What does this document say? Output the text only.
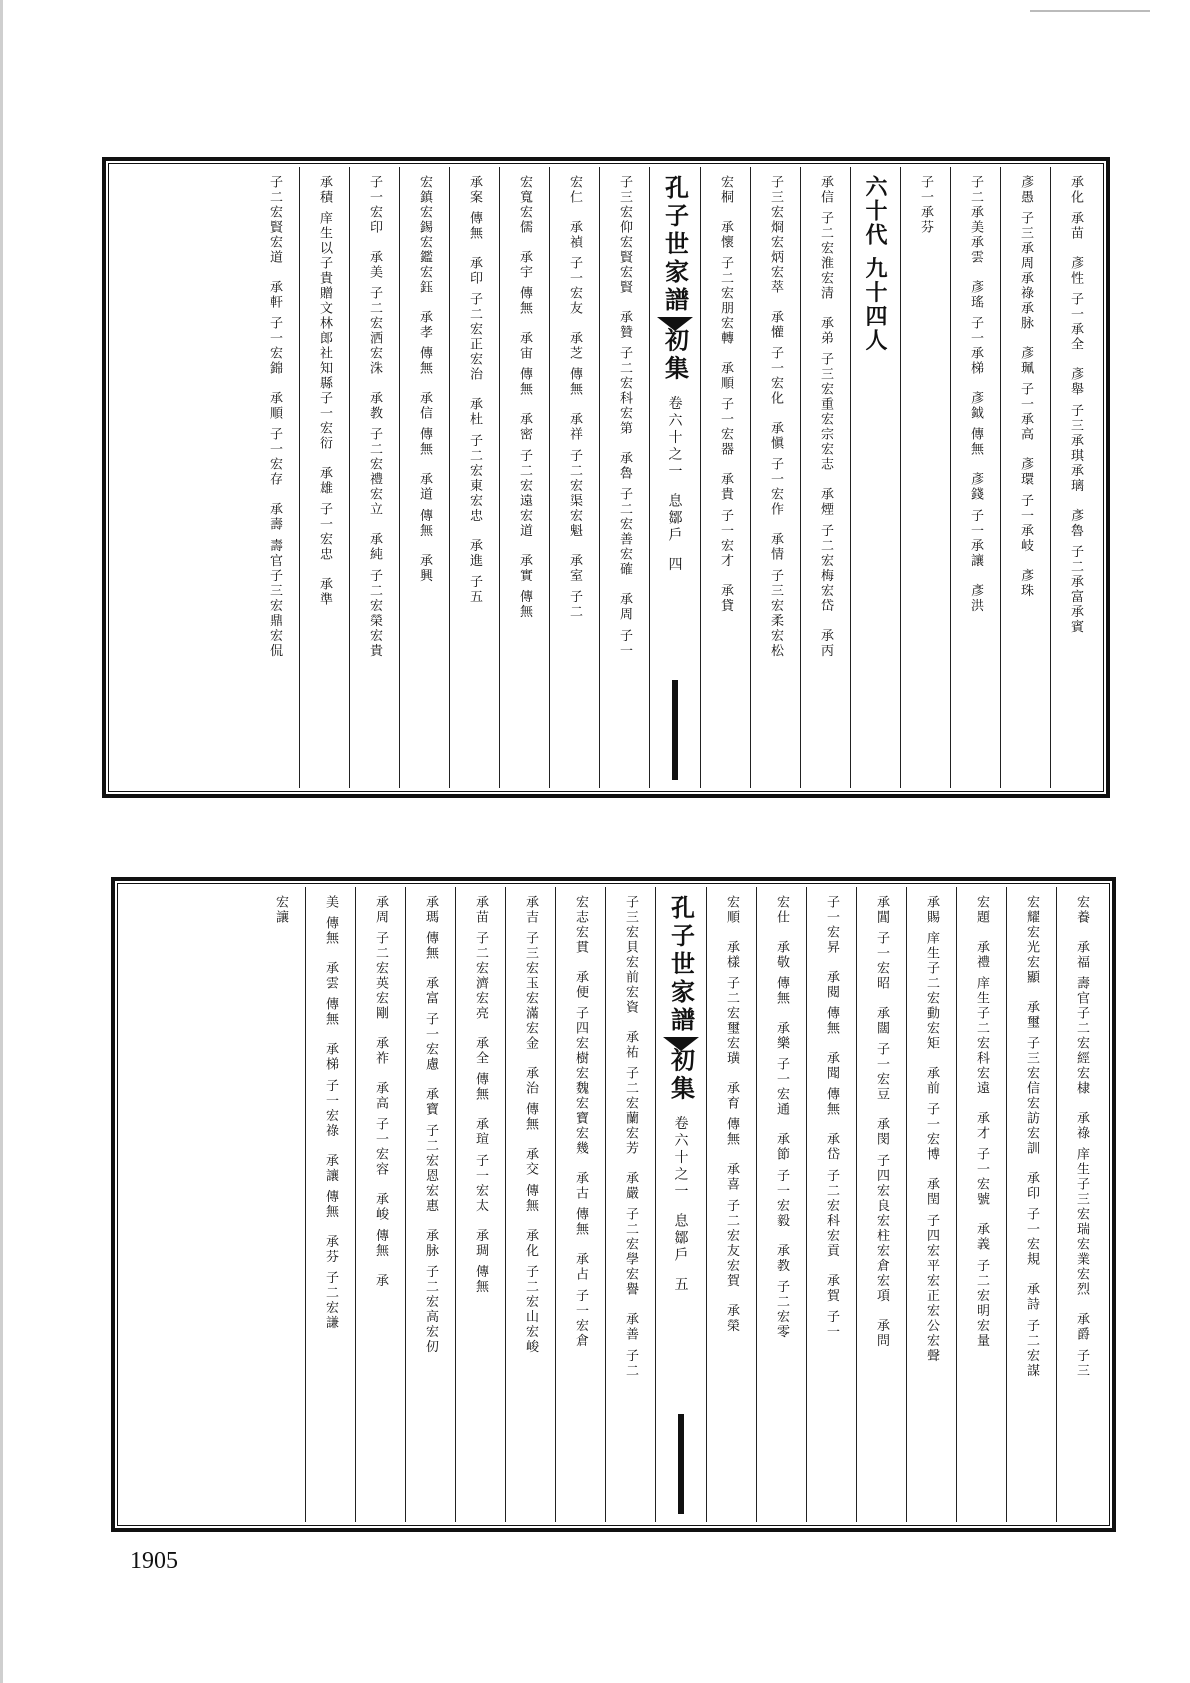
承化 承苗　彥性 子一承全　彥舉 子三承琪承璃　彥魯 子二承富承賓
彥愚 子三承周承祿承脉　彥珮 子一承高　彥環 子一承岐　彥珠
子二承美承雲　彥瑤 子一承梯　彥鉞 傳無　彥錢 子一承讓　彥洪
子一承芬
六十代 九十四人
承信 子二宏淮宏清　承弟 子三宏重宏宗宏志　承煙 子二宏梅宏岱　承丙
子三宏烱宏炳宏萃　承懽 子一宏化　承愼 子一宏作　承情 子三宏柔宏松
宏桐　承懷 子二宏朋宏轉　承順 子一宏器　承貴 子一宏才　承貸
孔子世家譜 初集 卷六十之一 息鄒戶 四
子三宏仰宏賢宏賢　承贊 子二宏科宏第　承魯 子二宏善宏確　承周 子一
宏仁　承禎 子一宏友　承芝 傳無　承祥 子二宏渠宏魁　承室 子二
宏寬宏儒　承宇 傳無　承宙 傳無　承密 子二宏遠宏道　承實 傳無
承案 傳無　承印 子二宏正宏治　承杜 子二宏東宏忠　承進 子五
宏鎮宏錫宏鑑宏鈺　承孝 傳無　承信 傳無　承道 傳無　承興
子一宏印　承美 子二宏洒宏洙　承教 子二宏禮宏立　承純 子二宏榮宏貴
承積 庠生以子貴贈文林郎社知縣子一宏衍　承雄 子一宏忠　承準
子二宏賢宏道　承軒 子一宏錦　承順 子一宏存　承壽 壽官子三宏鼎宏侃
宏養　承福 壽官子二宏經宏棣　承祿 庠生子三宏瑞宏業宏烈　承爵 子三
宏耀宏光宏顯　承璽 子三宏信宏訪宏訓　承印 子一宏規　承詩 子二宏謀
宏題　承禮 庠生子二宏科宏遠　承才 子一宏號　承義 子二宏明宏量
承賜 庠生子二宏動宏矩　承前 子一宏博　承閏 子四宏平宏正宏公宏聲
承閶 子一宏昭　承闊 子一宏豆　承閔 子四宏良宏柱宏倉宏項　承問
子一宏昇　承閱 傳無　承聞 傳無　承岱 子二宏科宏貢　承賀 子一
宏仕　承敬 傳無　承樂 子一宏通　承節 子一宏毅　承教 子二宏零
宏順　承樣 子二宏璽宏璜　承育 傳無　承喜 子二宏友宏賀　承榮
孔子世家譜 初集 卷六十之一 息鄒戶 五
子三宏貝宏前宏資　承祐 子二宏蘭宏芳　承嚴 子二宏學宏譽　承善 子二
宏志宏貫　承便 子四宏樹宏魏宏寶宏幾　承古 傳無　承占 子一宏倉
承吉 子三宏玉宏滿宏金　承治 傳無　承交 傳無　承化 子二宏山宏峻
承苗 子二宏濟宏亮　承全 傳無　承瑄 子一宏太　承琱 傳無
承瑪 傳無　承富 子一宏慮　承寶 子二宏恩宏惠　承脉 子二宏高宏仞
承周 子二宏英宏剛　承祚　承高 子一宏容　承峻 傳無　承
美 傳無　承雲 傳無　承梯 子一宏祿　承讓 傳無　承芬 子二宏謙
宏讓
1905
